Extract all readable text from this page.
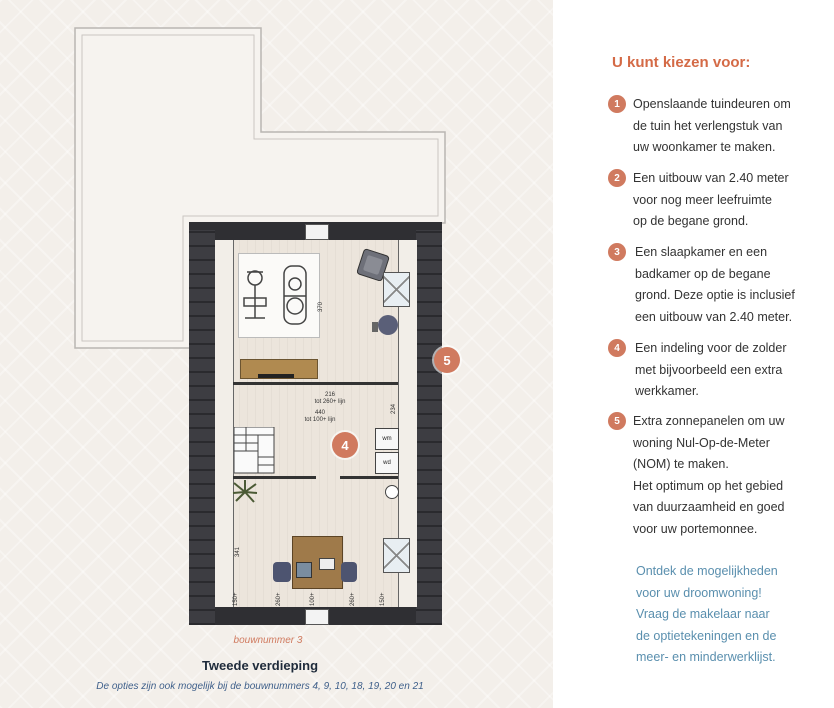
wm
wd
370
216
tot 260+ lijn
440
tot 100+ lijn
234
341
150+	260+	100+	260+	150+
4
5
bouwnummer 3
Tweede verdieping
De opties zijn ook mogelijk bij de bouwnummers 4, 9, 10, 18, 19, 20 en 21
U kunt kiezen voor:
1	Openslaande tuindeuren om
de tuin het verlengstuk van
uw woonkamer te maken.
2	Een uitbouw van 2.40 meter
voor nog meer leefruimte
op de begane grond.
3	Een slaapkamer en een
badkamer op de begane
grond. Deze optie is inclusief
een uitbouw van 2.40 meter.
4	Een indeling voor de zolder
met bijvoorbeeld een extra
werkkamer.
5	Extra zonnepanelen om uw
woning Nul-Op-de-Meter
(NOM) te maken.
Het optimum op het gebied
van duurzaamheid en goed
voor uw portemonnee.
Ontdek de mogelijkheden
voor uw droomwoning!
Vraag de makelaar naar
de optietekeningen en de
meer- en minderwerklijst.
